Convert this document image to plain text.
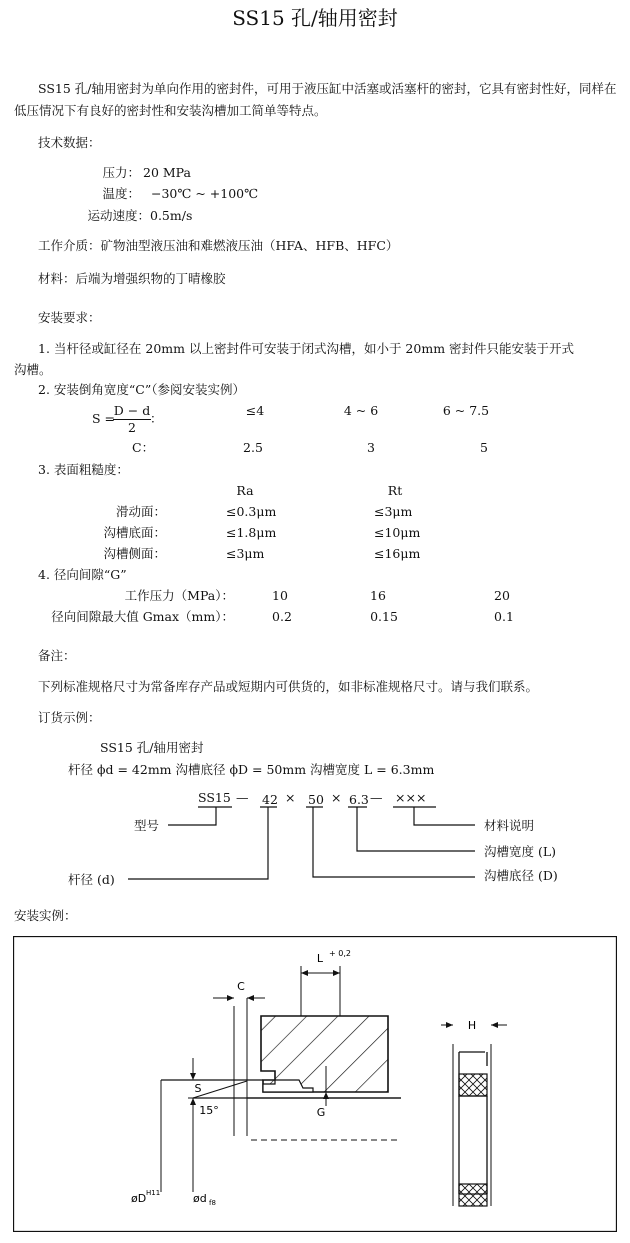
SS15 孔/轴用密封
SS15 孔/轴用密封为单向作用的密封件，可用于液压缸中活塞或活塞杆的密封，它具有密封性好，同样在低压情况下有良好的密封性和安装沟槽加工简单等特点。
技术数据：
压力： 20 MPa
温度： −30℃ ~ +100℃
运动速度： 0.5m/s
工作介质：矿物油型液压油和难燃液压油（HFA、HFB、HFC）
材料：后端为增强织物的丁晴橡胶
安装要求：
1. 当杆径或缸径在 20mm 以上密封件可安装于闭式沟槽，如小于 20mm 密封件只能安装于开式
沟槽。
2. 安装倒角宽度“C”（参阅安装实例）
S =
D − d
2
：
≤4	4 ~ 6	6 ~ 7.5
C：	2.5	3	5
3. 表面粗糙度：
Ra	Rt
滑动面：	≤0.3μm	≤3μm
沟槽底面：	≤1.8μm	≤10μm
沟槽侧面：	≤3μm	≤16μm
4. 径向间隙“G”
工作压力（MPa）：	10	16	20
径向间隙最大值 Gmax（mm）：	0.2	0.15	0.1
备注：
下列标准规格尺寸为常备库存产品或短期内可供货的，如非标准规格尺寸。请与我们联系。
订货示例：
SS15 孔/轴用密封
杆径 ϕd = 42mm 沟槽底径 ϕD = 50mm 沟槽宽度 L = 6.3mm
SS15 — 42 × 50 × 6.3 — ×××
型号
杆径 (d)
材料说明
沟槽宽度 (L)
沟槽底径 (D)
安装实例：
L + 0,2
C
S
15°	G
H
øD H11	ød f8
